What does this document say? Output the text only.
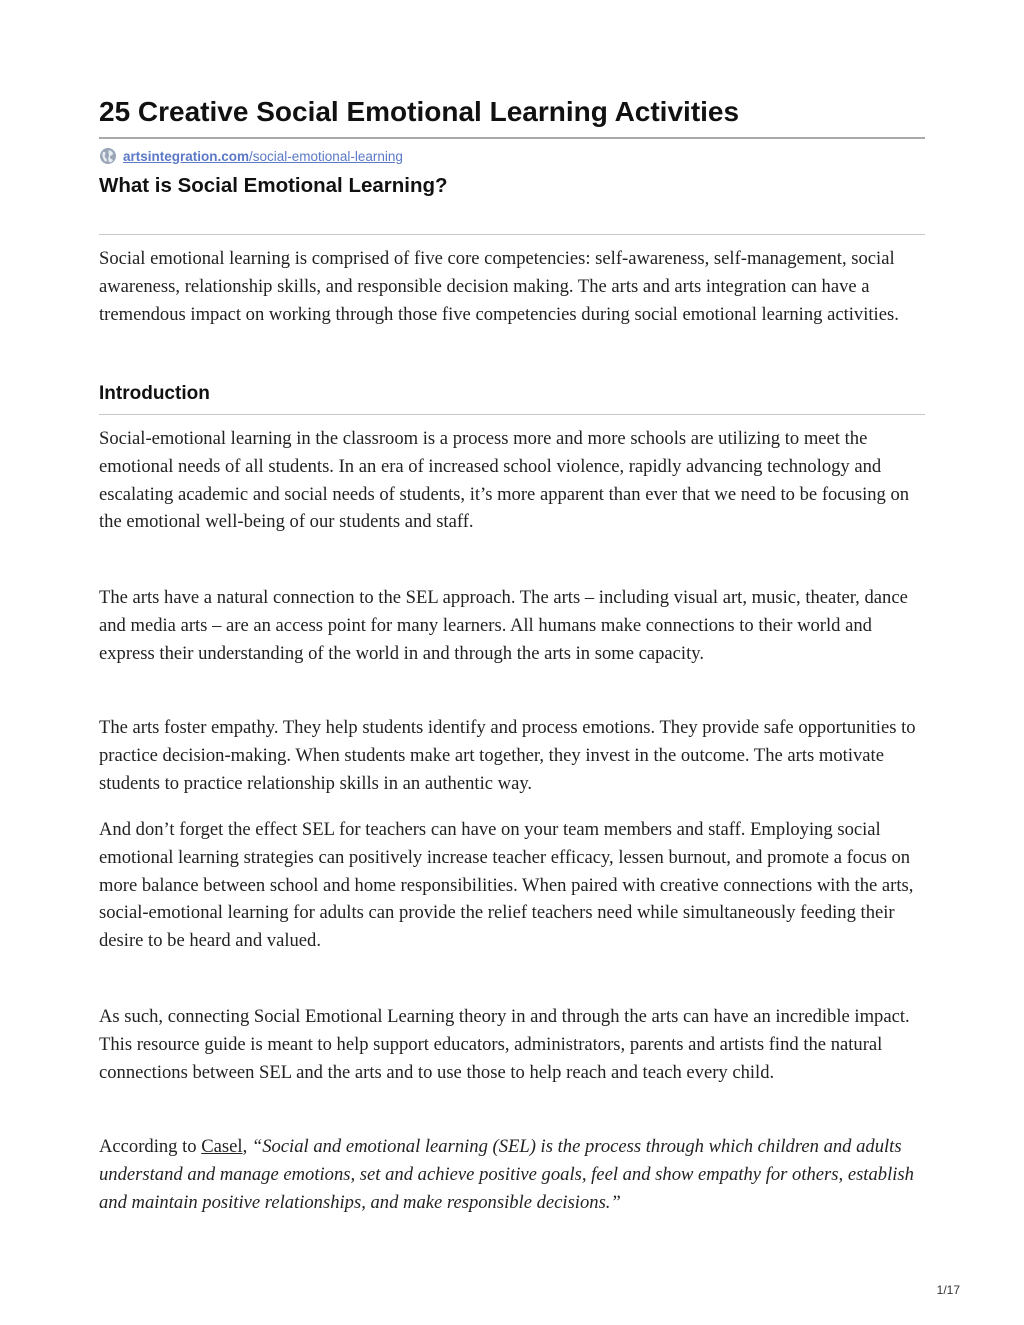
25 Creative Social Emotional Learning Activities
artsintegration.com /social-emotional-learning
What is Social Emotional Learning?

Social emotional learning is comprised of five core competencies: self-awareness, self-management, social awareness, relationship skills, and responsible decision making. The arts and arts integration can have a tremendous impact on working through those five competencies during social emotional learning activities.

Introduction

Social-emotional learning in the classroom is a process more and more schools are utilizing to meet the emotional needs of all students. In an era of increased school violence, rapidly advancing technology and escalating academic and social needs of students, it’s more apparent than ever that we need to be focusing on the emotional well-being of our students and staff.

The arts have a natural connection to the SEL approach. The arts – including visual art, music, theater, dance and media arts – are an access point for many learners. All humans make connections to their world and express their understanding of the world in and through the arts in some capacity.

The arts foster empathy. They help students identify and process emotions. They provide safe opportunities to practice decision-making. When students make art together, they invest in the outcome. The arts motivate students to practice relationship skills in an authentic way.

And don’t forget the effect SEL for teachers can have on your team members and staff. Employing social emotional learning strategies can positively increase teacher efficacy, lessen burnout, and promote a focus on more balance between school and home responsibilities. When paired with creative connections with the arts, social-emotional learning for adults can provide the relief teachers need while simultaneously feeding their desire to be heard and valued.

As such, connecting Social Emotional Learning theory in and through the arts can have an incredible impact. This resource guide is meant to help support educators, administrators, parents and artists find the natural connections between SEL and the arts and to use those to help reach and teach every child.

According to Casel, “Social and emotional learning (SEL) is the process through which children and adults understand and manage emotions, set and achieve positive goals, feel and show empathy for others, establish and maintain positive relationships, and make responsible decisions.”

1/17
